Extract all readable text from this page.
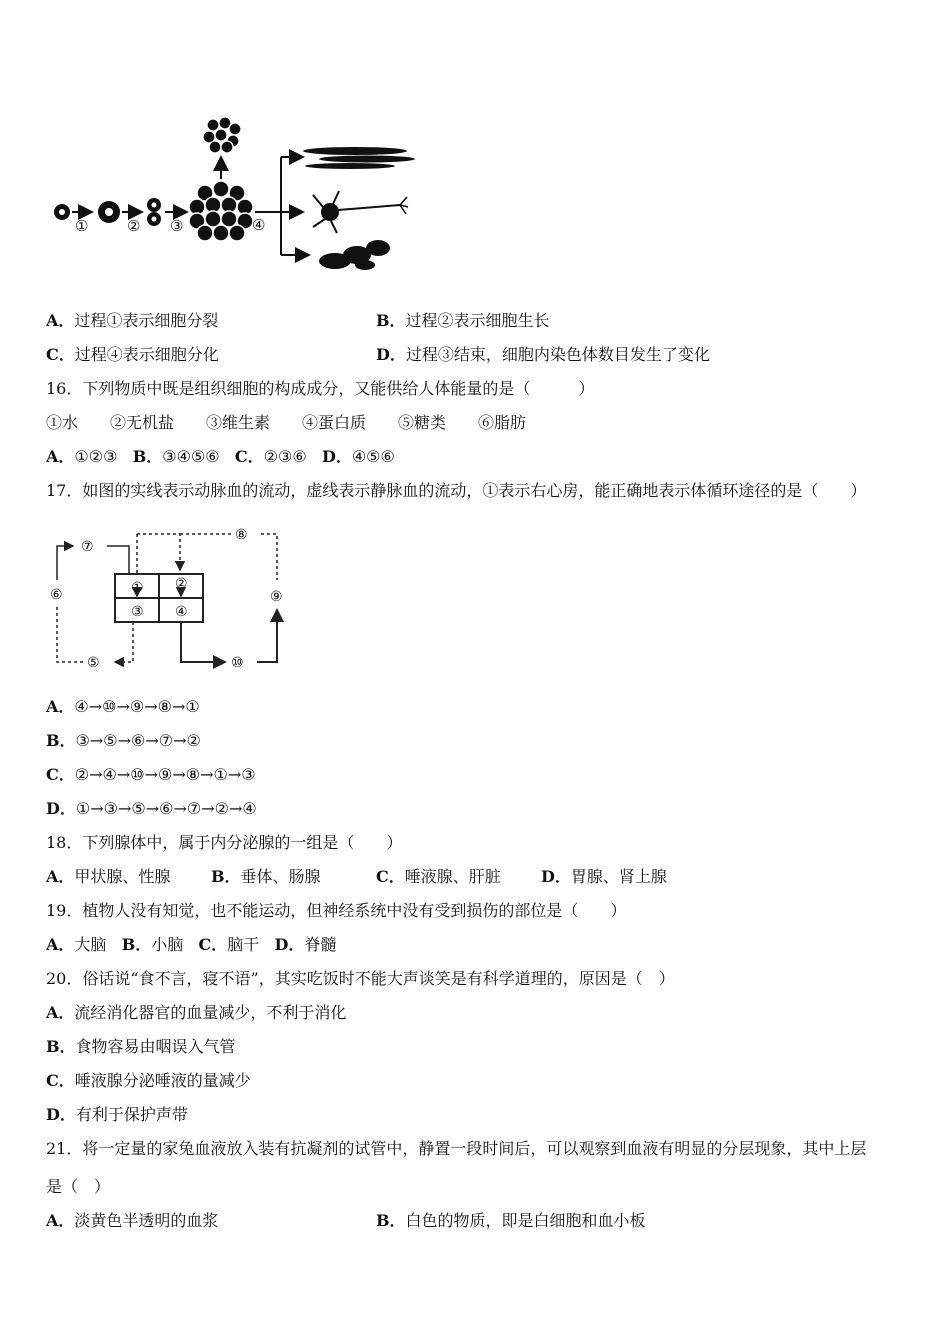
①	② ③	④
A．过程①表示细胞分裂	B．过程②表示细胞生长
C．过程④表示细胞分化	D．过程③结束，细胞内染色体数目发生了变化
16．下列物质中既是组织细胞的构成成分，又能供给人体能量的是（　　　）
①水　　②无机盐　　③维生素　　④蛋白质　　⑤糖类　　⑥脂肪
A．①②③ B．③④⑤⑥ C．②③⑥ D．④⑤⑥
17．如图的实线表示动脉血的流动，虚线表示静脉血的流动，①表示右心房，能正确地表示体循环途径的是（　　）
① ②
③ ④
⑤
⑥
⑦
⑧
⑨
⑩
A．④→⑩→⑨→⑧→①
B．③→⑤→⑥→⑦→②
C．②→④→⑩→⑨→⑧→①→③
D．①→③→⑤→⑥→⑦→②→④
18．下列腺体中，属于内分泌腺的一组是（　　）
A．甲状腺、性腺	B．垂体、肠腺	C．唾液腺、肝脏	D．胃腺、肾上腺
19．植物人没有知觉，也不能运动，但神经系统中没有受到损伤的部位是（　　）
A．大脑 B．小脑 C．脑干 D．脊髓
20．俗话说“食不言，寝不语”，其实吃饭时不能大声谈笑是有科学道理的，原因是（　）
A．流经消化器官的血量减少，不利于消化
B．食物容易由咽误入气管
C．唾液腺分泌唾液的量减少
D．有利于保护声带
21．将一定量的家兔血液放入装有抗凝剂的试管中，静置一段时间后，可以观察到血液有明显的分层现象，其中上层
是（　）
A．淡黄色半透明的血浆	B．白色的物质，即是白细胞和血小板
